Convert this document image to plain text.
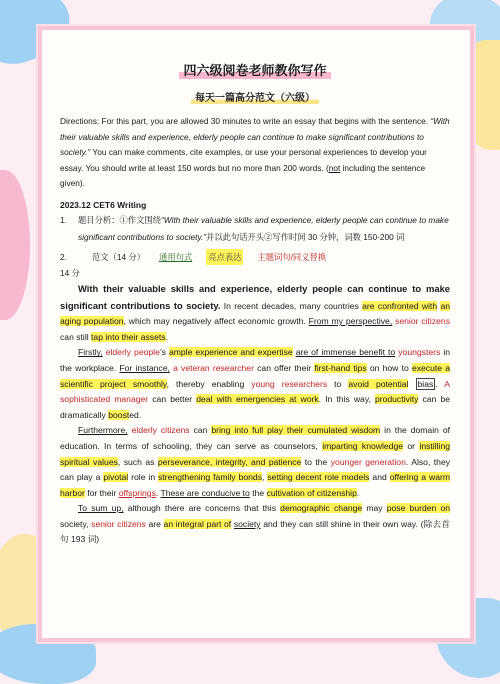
四六级阅卷老师教你写作
每天一篇高分范文（六级）

Directions: For this part, you are allowed 30 minutes to write an essay that begins with the sentence. “With their valuable skills and experience, elderly people can continue to make significant contributions to society.” You can make comments, cite examples, or use your personal experiences to develop your essay. You should write at least 150 words but no more than 200 words. (not including the sentence given).

2023.12 CET6 Writing
1.	题目分析：①作文围绕“With their valuable skills and experience, elderly people can continue to make significant contributions to society.”并以此句话开头②写作时间 30 分钟，词数 150-200 词
2.	范文（14 分） 通用句式 亮点表达 主题词句/同义替换
14 分

With their valuable skills and experience, elderly people can continue to make significant contributions to society. In recent decades, many countries are confronted with an aging population, which may negatively affect economic growth. From my perspective, senior citizens can still tap into their assets.

Firstly, elderly people’s ample experience and expertise are of immense benefit to youngsters in the workplace. For instance, a veteran researcher can offer their first-hand tips on how to execute a scientific project smoothly, thereby enabling young researchers to avoid potential bias . A sophisticated manager can better deal with emergencies at work. In this way, productivity can be dramatically boosted.

Furthermore, elderly citizens can bring into full play their cumulated wisdom in the domain of education. In terms of schooling, they can serve as counselors, imparting knowledge or instilling spiritual values, such as perseverance, integrity, and patience to the younger generation. Also, they can play a pivotal role in strengthening family bonds, setting decent role models and offering a warm harbor for their offsprings. These are conducive to the cultivation of citizenship.

To sum up, although there are concerns that this demographic change may pose burden on society, senior citizens are an integral part of society and they can still shine in their own way. (除去首句 193 词)
